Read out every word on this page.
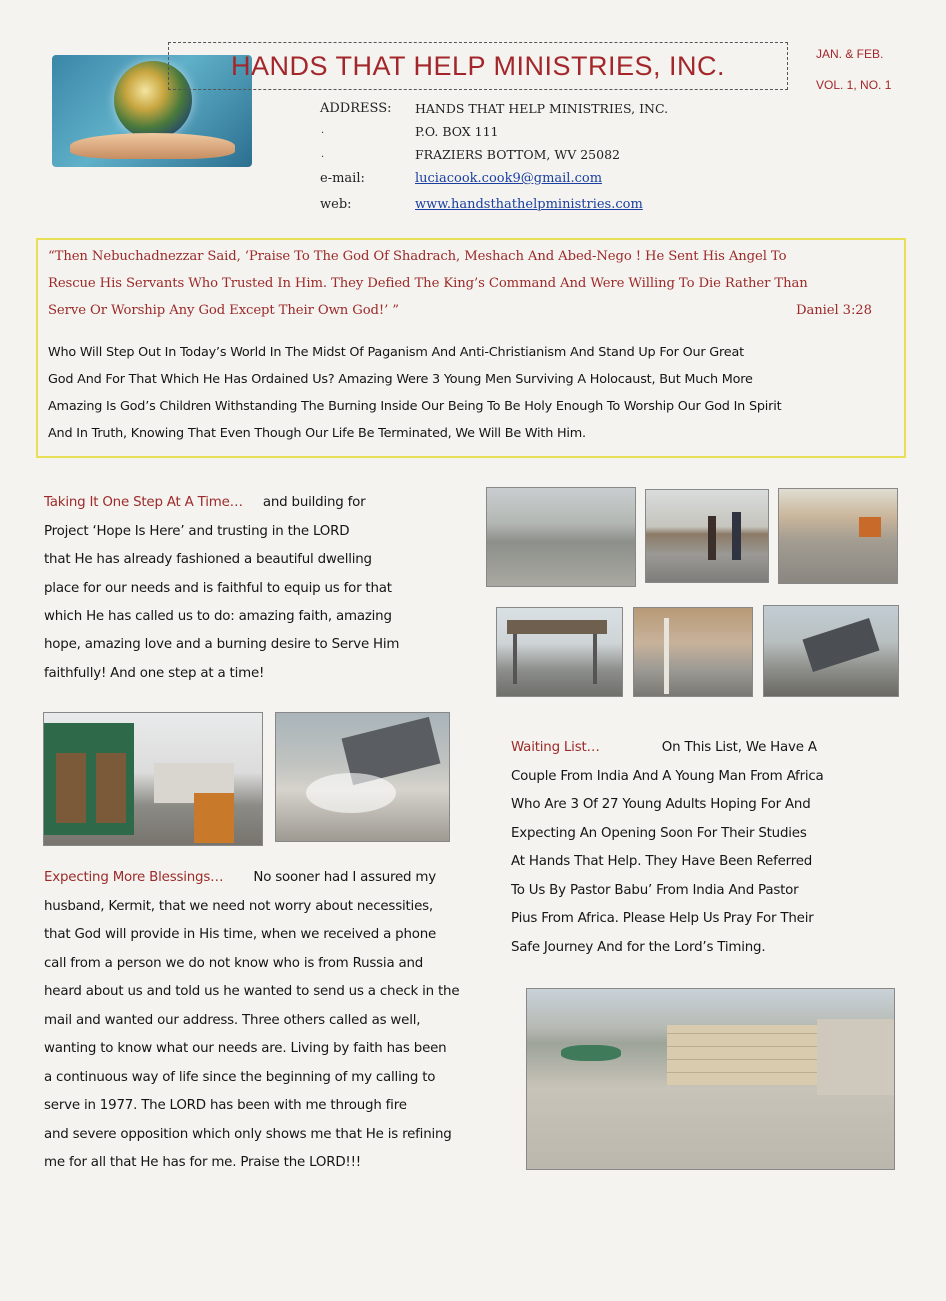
HANDS THAT HELP MINISTRIES, INC.	JAN. & FEB.
VOL. 1, NO. 1
ADDRESS: HANDS THAT HELP MINISTRIES, INC.
P.O. BOX 111
FRAZIERS BOTTOM, WV 25082
·
·
e-mail:	luciacook.cook9@gmail.com
web:	www.handsthathelpministries.com
“Then Nebuchadnezzar Said, ‘Praise To The God Of Shadrach, Meshach And Abed-Nego ! He Sent His Angel To
Rescue His Servants Who Trusted In Him. They Defied The King’s Command And Were Willing To Die Rather Than
Serve Or Worship Any God Except Their Own God!’ ”	Daniel 3:28
Who Will Step Out In Today’s World In The Midst Of Paganism And Anti-Christianism And Stand Up For Our Great
God And For That Which He Has Ordained Us? Amazing Were 3 Young Men Surviving A Holocaust, But Much More
Amazing Is God’s Children Withstanding The Burning Inside Our Being To Be Holy Enough To Worship Our God In Spirit
And In Truth, Knowing That Even Though Our Life Be Terminated, We Will Be With Him.
Taking It One Step At A Time… and building for
Project ‘Hope Is Here’ and trusting in the LORD
that He has already fashioned a beautiful dwelling
place for our needs and is faithful to equip us for that
which He has called us to do: amazing faith, amazing
hope, amazing love and a burning desire to Serve Him
faithfully! And one step at a time!
Expecting More Blessings… No sooner had I assured my
husband, Kermit, that we need not worry about necessities,
that God will provide in His time, when we received a phone
call from a person we do not know who is from Russia and
heard about us and told us he wanted to send us a check in the
mail and wanted our address. Three others called as well,
wanting to know what our needs are. Living by faith has been
a continuous way of life since the beginning of my calling to
serve in 1977. The LORD has been with me through fire
and severe opposition which only shows me that He is refining
me for all that He has for me. Praise the LORD!!!
Waiting List…	On This List, We Have A
Couple From India And A Young Man From Africa
Who Are 3 Of 27 Young Adults Hoping For And
Expecting An Opening Soon For Their Studies
At Hands That Help. They Have Been Referred
To Us By Pastor Babu’ From India And Pastor
Pius From Africa. Please Help Us Pray For Their
Safe Journey And for the Lord’s Timing.
